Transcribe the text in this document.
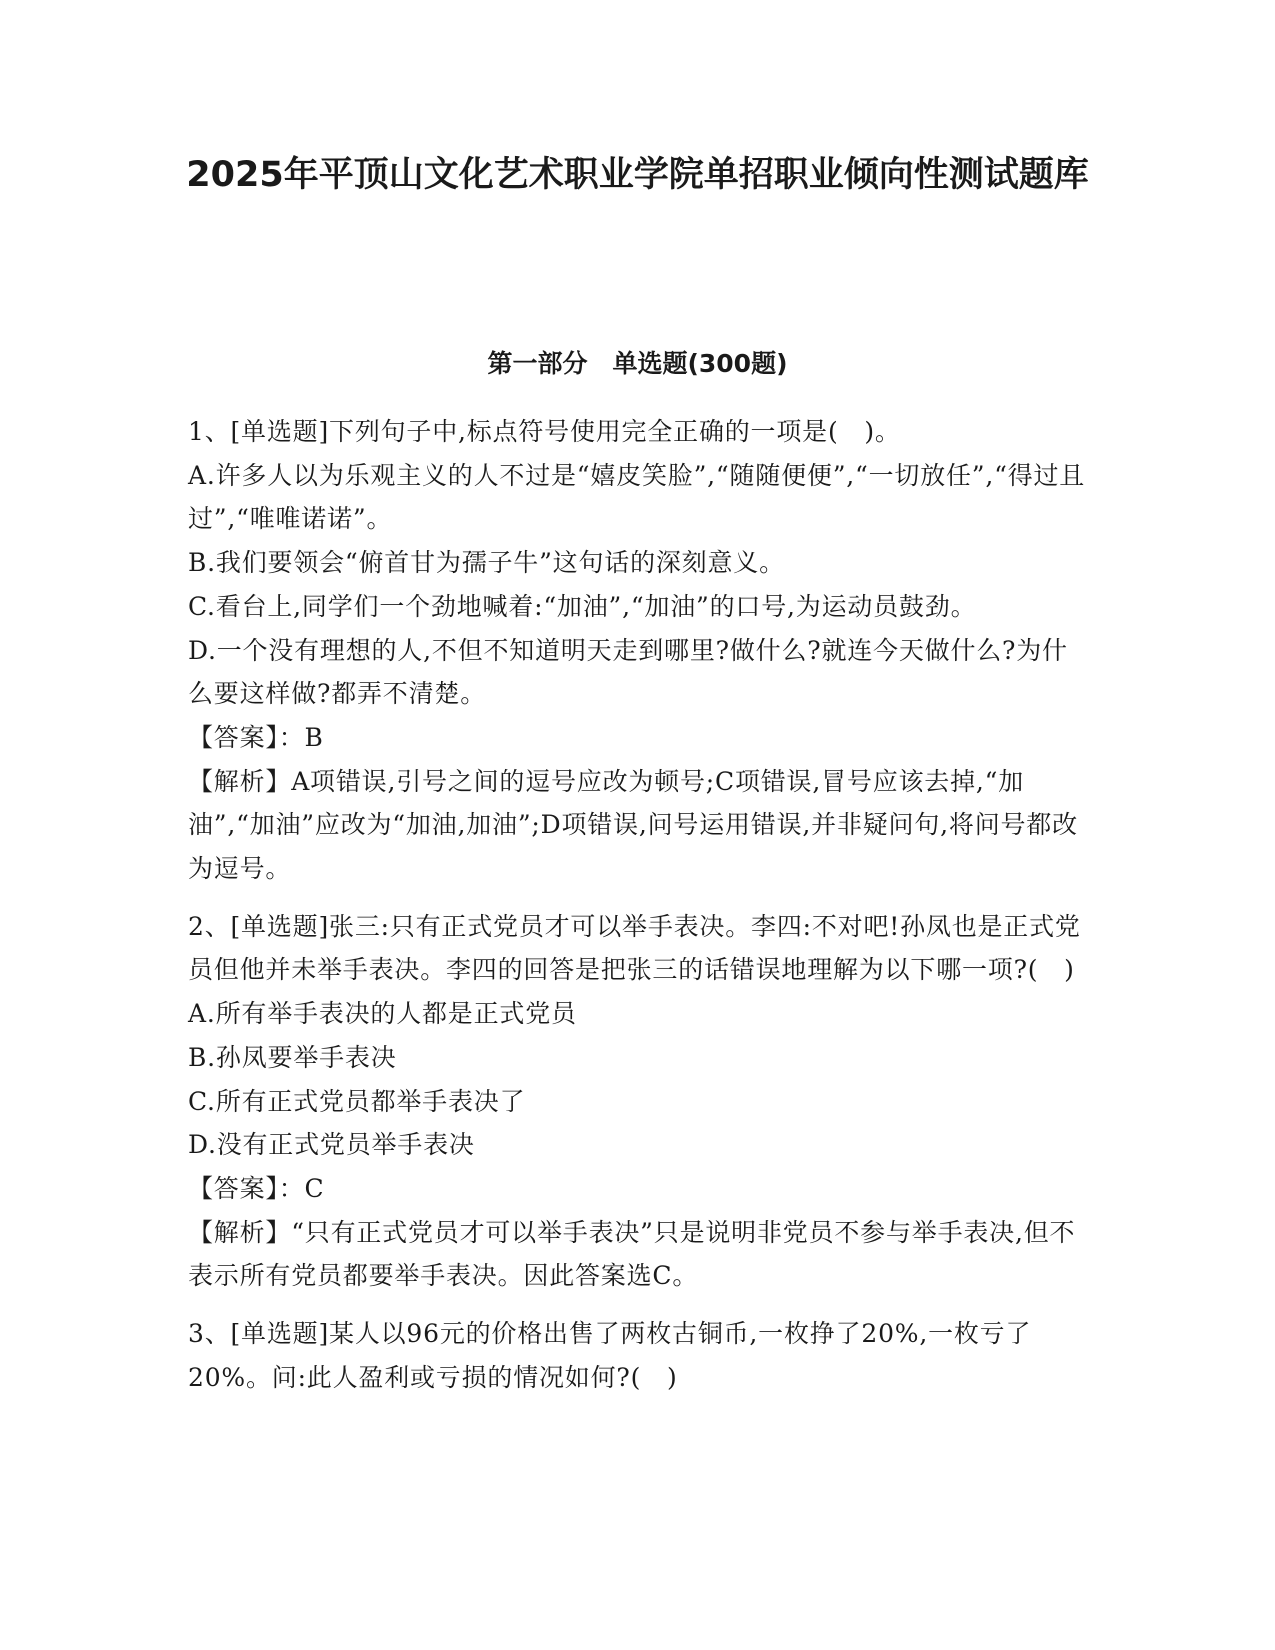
2025年平顶山文化艺术职业学院单招职业倾向性测试题库
第一部分　单选题(300题)

1、[单选题]下列句子中,标点符号使用完全正确的一项是(　)。

A.许多人以为乐观主义的人不过是“嬉皮笑脸”,“随随便便”,“一切放任”,“得过且过”,“唯唯诺诺”。

B.我们要领会“俯首甘为孺子牛”这句话的深刻意义。

C.看台上,同学们一个劲地喊着:“加油”,“加油”的口号,为运动员鼓劲。

D.一个没有理想的人,不但不知道明天走到哪里?做什么?就连今天做什么?为什么要这样做?都弄不清楚。

【答案】：B

【解析】A项错误,引号之间的逗号应改为顿号;C项错误,冒号应该去掉,“加油”,“加油”应改为“加油,加油”;D项错误,问号运用错误,并非疑问句,将问号都改为逗号。

2、[单选题]张三:只有正式党员才可以举手表决。李四:不对吧!孙凤也是正式党员但他并未举手表决。李四的回答是把张三的话错误地理解为以下哪一项?(　)

A.所有举手表决的人都是正式党员

B.孙凤要举手表决

C.所有正式党员都举手表决了

D.没有正式党员举手表决

【答案】：C

【解析】“只有正式党员才可以举手表决”只是说明非党员不参与举手表决,但不表示所有党员都要举手表决。因此答案选C。

3、[单选题]某人以96元的价格出售了两枚古铜币,一枚挣了20%,一枚亏了20%。问:此人盈利或亏损的情况如何?(　)
